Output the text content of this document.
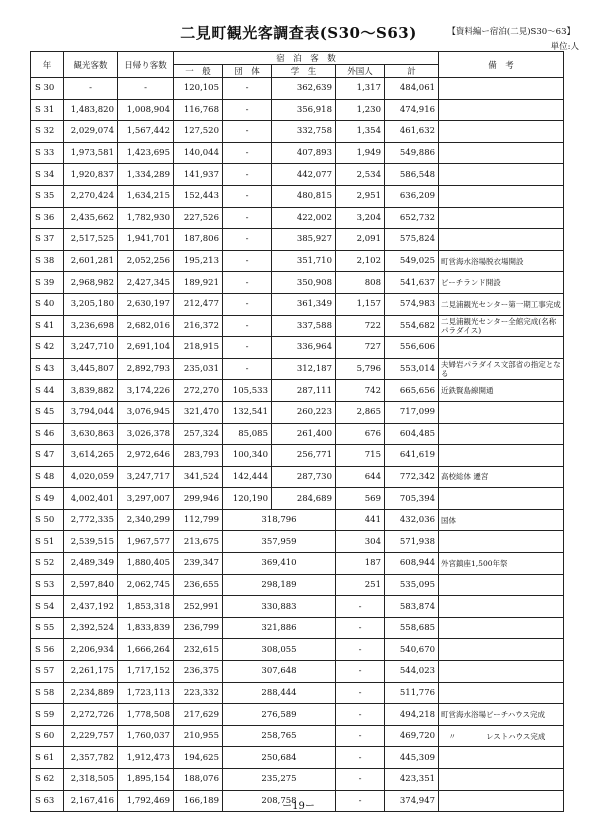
二見町観光客調査表(S30〜S63)	【資料編ー宿泊(二見)S30〜63】
単位:人
年	観光客数	日帰り客数	宿　泊　客　数					備　考
			一　般	団　体	学　生	外国人	計	
S 30	-	-	120,105	-	362,639	1,317	484,061	
S 31	1,483,820	1,008,904	116,768	-	356,918	1,230	474,916	
S 32	2,029,074	1,567,442	127,520	-	332,758	1,354	461,632	
S 33	1,973,581	1,423,695	140,044	-	407,893	1,949	549,886	
S 34	1,920,837	1,334,289	141,937	-	442,077	2,534	586,548	
S 35	2,270,424	1,634,215	152,443	-	480,815	2,951	636,209	
S 36	2,435,662	1,782,930	227,526	-	422,002	3,204	652,732	
S 37	2,517,525	1,941,701	187,806	-	385,927	2,091	575,824	
S 38	2,601,281	2,052,256	195,213	-	351,710	2,102	549,025	町営海水浴場脱衣場開設
S 39	2,968,982	2,427,345	189,921	-	350,908	808	541,637	ビーチランド開設
S 40	3,205,180	2,630,197	212,477	-	361,349	1,157	574,983	二見浦観光センター第一期工事完成
S 41	3,236,698	2,682,016	216,372	-	337,588	722	554,682	二見浦観光センター全館完成(名称パラダイス)
S 42	3,247,710	2,691,104	218,915	-	336,964	727	556,606	
S 43	3,445,807	2,892,793	235,031	-	312,187	5,796	553,014	夫婦岩パラダイス文部省の指定となる
S 44	3,839,882	3,174,226	272,270	105,533	287,111	742	665,656	近鉄賢島線開通
S 45	3,794,044	3,076,945	321,470	132,541	260,223	2,865	717,099	
S 46	3,630,863	3,026,378	257,324	85,085	261,400	676	604,485	
S 47	3,614,265	2,972,646	283,793	100,340	256,771	715	641,619	
S 48	4,020,059	3,247,717	341,524	142,444	287,730	644	772,342	高校総体 遷宮
S 49	4,002,401	3,297,007	299,946	120,190	284,689	569	705,394	
S 50	2,772,335	2,340,299	112,799	318,796		441	432,036	国体
S 51	2,539,515	1,967,577	213,675	357,959		304	571,938	
S 52	2,489,349	1,880,405	239,347	369,410		187	608,944	外宮鎮座1,500年祭
S 53	2,597,840	2,062,745	236,655	298,189		251	535,095	
S 54	2,437,192	1,853,318	252,991	330,883		-	583,874	
S 55	2,392,524	1,833,839	236,799	321,886		-	558,685	
S 56	2,206,934	1,666,264	232,615	308,055		-	540,670	
S 57	2,261,175	1,717,152	236,375	307,648		-	544,023	
S 58	2,234,889	1,723,113	223,332	288,444		-	511,776	
S 59	2,272,726	1,778,508	217,629	276,589		-	494,218	町営海水浴場ビーチハウス完成
S 60	2,229,757	1,760,037	210,955	258,765		-	469,720	　〃　　　　レストハウス完成
S 61	2,357,782	1,912,473	194,625	250,684		-	445,309	
S 62	2,318,505	1,895,154	188,076	235,275		-	423,351	
S 63	2,167,416	1,792,469	166,189	208,758		-	374,947	
ー19ー
